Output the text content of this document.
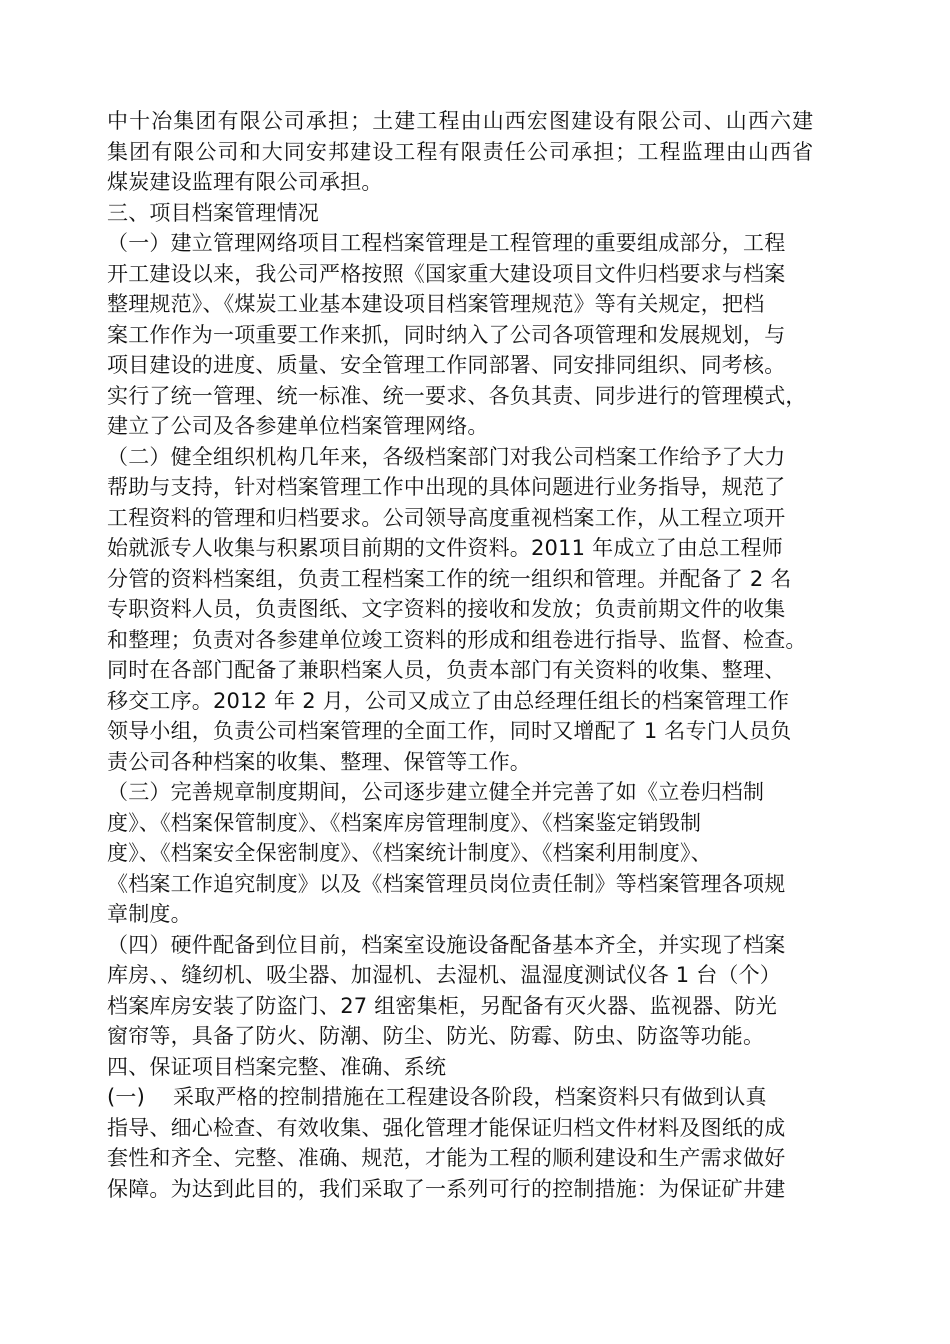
中十冶集团有限公司承担；土建工程由山西宏图建设有限公司、山西六建
集团有限公司和大同安邦建设工程有限责任公司承担；工程监理由山西省
煤炭建设监理有限公司承担。
三、项目档案管理情况
（一）建立管理网络项目工程档案管理是工程管理的重要组成部分，工程
开工建设以来，我公司严格按照《国家重大建设项目文件归档要求与档案
整理规范》、《煤炭工业基本建设项目档案管理规范》等有关规定，把档
案工作作为一项重要工作来抓，同时纳入了公司各项管理和发展规划，与
项目建设的进度、质量、安全管理工作同部署、同安排同组织、同考核。
实行了统一管理、统一标准、统一要求、各负其责、同步进行的管理模式，
建立了公司及各参建单位档案管理网络。
（二）健全组织机构几年来，各级档案部门对我公司档案工作给予了大力
帮助与支持，针对档案管理工作中出现的具体问题进行业务指导，规范了
工程资料的管理和归档要求。公司领导高度重视档案工作，从工程立项开
始就派专人收集与积累项目前期的文件资料。2011 年成立了由总工程师
分管的资料档案组，负责工程档案工作的统一组织和管理。并配备了 2 名
专职资料人员，负责图纸、文字资料的接收和发放；负责前期文件的收集
和整理；负责对各参建单位竣工资料的形成和组卷进行指导、监督、检查。
同时在各部门配备了兼职档案人员，负责本部门有关资料的收集、整理、
移交工序。2012 年 2 月，公司又成立了由总经理任组长的档案管理工作
领导小组，负责公司档案管理的全面工作，同时又增配了 1 名专门人员负
责公司各种档案的收集、整理、保管等工作。
（三）完善规章制度期间，公司逐步建立健全并完善了如《立卷归档制
度》、《档案保管制度》、《档案库房管理制度》、《档案鉴定销毁制
度》、《档案安全保密制度》、《档案统计制度》、《档案利用制度》、
《档案工作追究制度》以及《档案管理员岗位责任制》等档案管理各项规
章制度。
（四）硬件配备到位目前，档案室设施设备配备基本齐全，并实现了档案
库房、、缝纫机、吸尘器、加湿机、去湿机、温湿度测试仪各 1 台（个）
档案库房安装了防盗门、27 组密集柜，另配备有灭火器、监视器、防光
窗帘等，具备了防火、防潮、防尘、防光、防霉、防虫、防盗等功能。
四、保证项目档案完整、准确、系统
(一)　 采取严格的控制措施在工程建设各阶段，档案资料只有做到认真
指导、细心检查、有效收集、强化管理才能保证归档文件材料及图纸的成
套性和齐全、完整、准确、规范，才能为工程的顺利建设和生产需求做好
保障。为达到此目的，我们采取了一系列可行的控制措施：为保证矿井建
